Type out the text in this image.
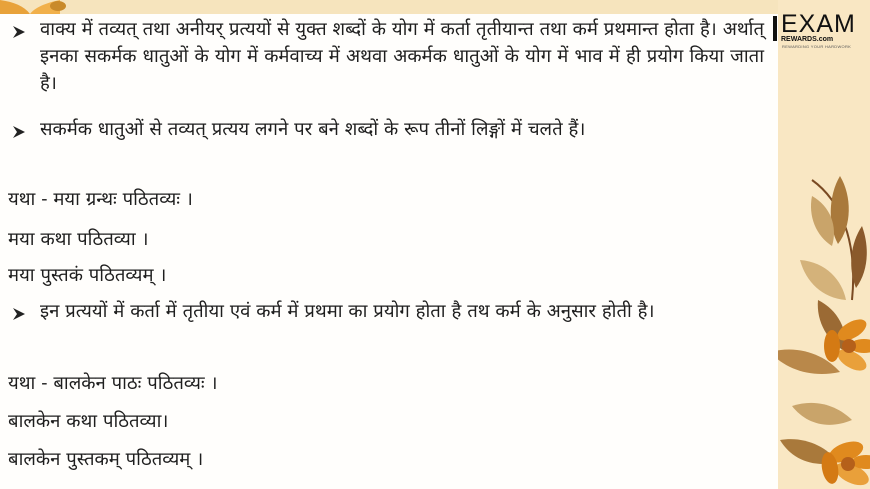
EXAM
REWARDS.com
REWARDING YOUR HARDWORK
वाक्य में तव्यत् तथा अनीयर् प्रत्ययों से युक्त शब्दों के योग में कर्ता तृतीयान्त तथा कर्म प्रथमान्त होता है। अर्थात् इनका सकर्मक धातुओं के योग में कर्मवाच्य में अथवा अकर्मक धातुओं के योग में भाव में ही प्रयोग किया जाता है।
सकर्मक धातुओं से तव्यत् प्रत्यय लगने पर बने शब्दों के रूप तीनों लिङ्गों में चलते हैं।
यथा - मया ग्रन्थः पठितव्यः ।
मया कथा पठितव्या ।
मया पुस्तकं पठितव्यम् ।
इन प्रत्ययों में कर्ता में तृतीया एवं कर्म में प्रथमा का प्रयोग होता है तथ कर्म के अनुसार होती है।
यथा - बालकेन पाठः पठितव्यः ।
बालकेन कथा पठितव्या।
बालकेन पुस्तकम् पठितव्यम् ।
